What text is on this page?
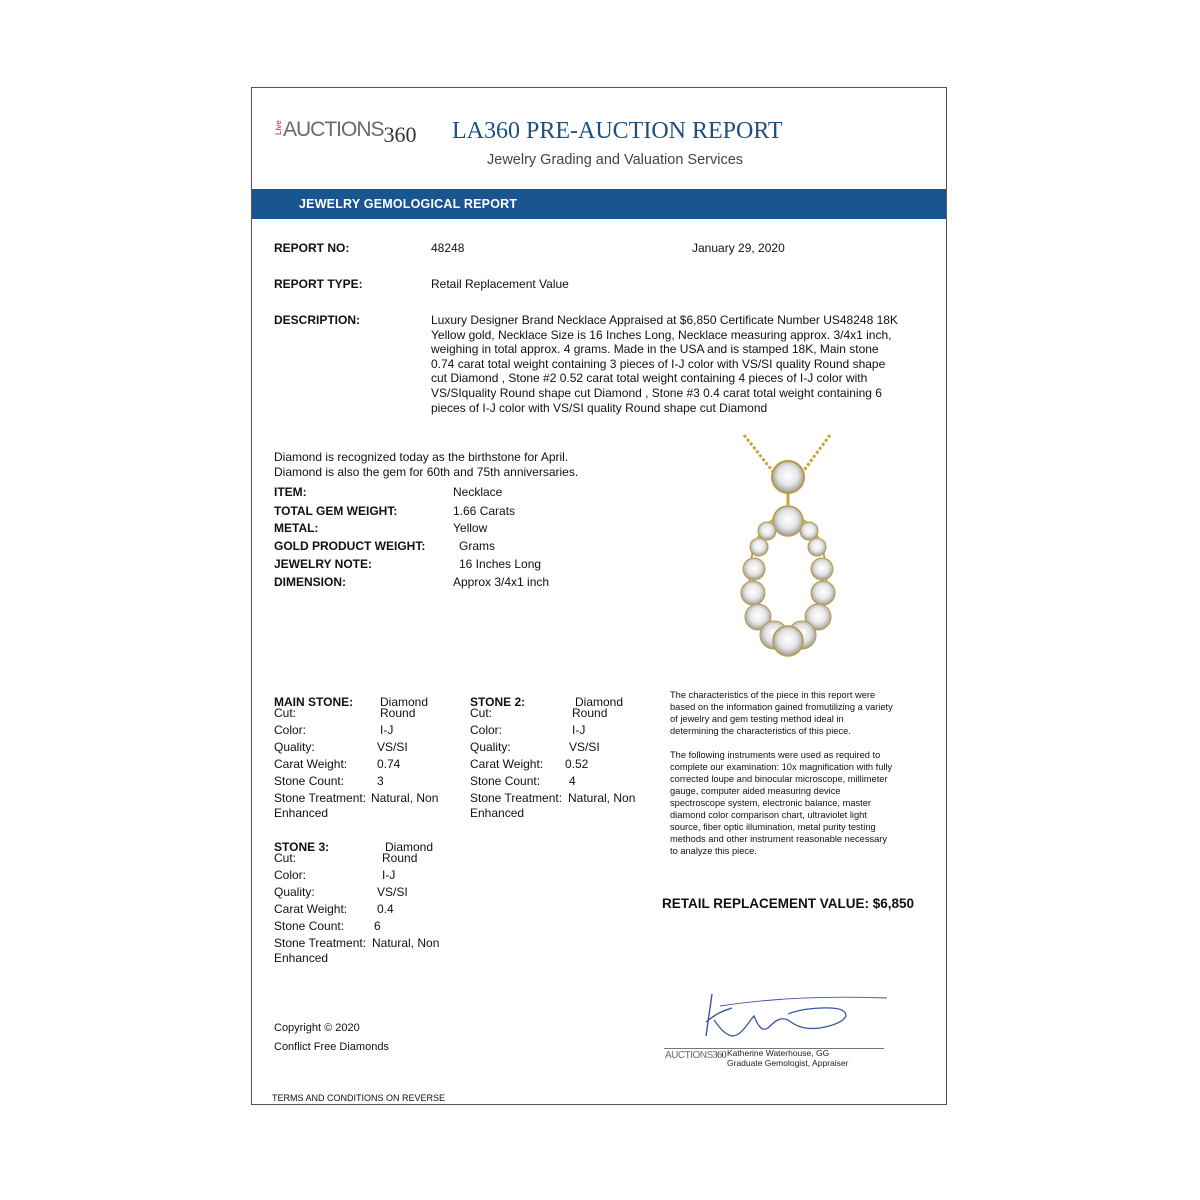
LiveAUCTIONS360 LA360 PRE-AUCTION REPORT
Jewelry Grading and Valuation Services
JEWELRY GEMOLOGICAL REPORT
REPORT NO:	48248	January 29, 2020
REPORT TYPE:	Retail Replacement Value
DESCRIPTION:	Luxury Designer Brand Necklace Appraised at $6,850 Certificate Number US48248 18K Yellow gold, Necklace Size is 16 Inches Long, Necklace measuring approx. 3/4x1 inch, weighing in total approx. 4 grams. Made in the USA and is stamped 18K, Main stone 0.74 carat total weight containing 3 pieces of I-J color with VS/SI quality Round shape cut Diamond , Stone #2 0.52 carat total weight containing 4 pieces of I-J color with VS/SIquality Round shape cut Diamond , Stone #3 0.4 carat total weight containing 6 pieces of I-J color with VS/SI quality Round shape cut Diamond
Diamond is recognized today as the birthstone for April.
Diamond is also the gem for 60th and 75th anniversaries.
ITEM:	Necklace
TOTAL GEM WEIGHT:	1.66 Carats
METAL:	Yellow
GOLD PRODUCT WEIGHT:	Grams
JEWELRY NOTE:	16 Inches Long
DIMENSION:	Approx 3/4x1 inch
MAIN STONE: Diamond
Cut:	Round
Color:	I-J
Quality:	VS/SI
Carat Weight: 0.74
Stone Count:	3
Stone Treatment: Natural, Non
Enhanced
STONE 2:	Diamond
Cut:	Round
Color:	I-J
Quality:	VS/SI
Carat Weight: 0.52
Stone Count: 4
Stone Treatment: Natural, Non
Enhanced
STONE 3:	Diamond
Cut:	Round
Color:	I-J
Quality:	VS/SI
Carat Weight: 0.4
Stone Count: 6
Stone Treatment: Natural, Non
Enhanced
The characteristics of the piece in this report were
based on the information gained fromutilizing a variety
of jewelry and gem testing method ideal in
determining the characteristics of this piece.
The following instruments were used as required to
complete our examination: 10x magnification with fully
corrected loupe and binocular microscope, millimeter
gauge, computer aided measuring device
spectroscope system, electronic balance, master
diamond color comparison chart, ultraviolet light
source, fiber optic illumination, metal purity testing
methods and other instrument reasonable necessary
to analyze this piece.
RETAIL REPLACEMENT VALUE: $6,850
AUCTIONS360 Katherine Waterhouse, GG
Graduate Gemologist, Appraiser
Copyright © 2020
Conflict Free Diamonds
TERMS AND CONDITIONS ON REVERSE
